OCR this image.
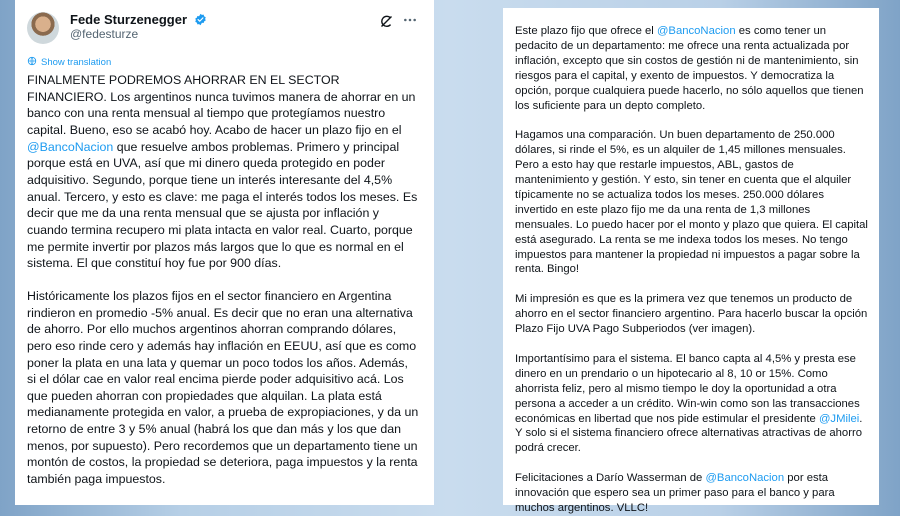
Fede Sturzenegger
@fedesturze
Show translation

FINALMENTE PODREMOS AHORRAR EN EL SECTOR FINANCIERO. Los argentinos nunca tuvimos manera de ahorrar en un banco con una renta mensual al tiempo que protegíamos nuestro capital. Bueno, eso se acabó hoy. Acabo de hacer un plazo fijo en el @BancoNacion que resuelve ambos problemas. Primero y principal porque está en UVA, así que mi dinero queda protegido en poder adquisitivo. Segundo, porque tiene un interés interesante del 4,5% anual. Tercero, y esto es clave: me paga el interés todos los meses. Es decir que me da una renta mensual que se ajusta por inflación y cuando termina recupero mi plata intacta en valor real. Cuarto, porque me permite invertir por plazos más largos que lo que es normal en el sistema. El que constituí hoy fue por 900 días.

Históricamente los plazos fijos en el sector financiero en Argentina rindieron en promedio -5% anual. Es decir que no eran una alternativa de ahorro. Por ello muchos argentinos ahorran comprando dólares, pero eso rinde cero y además hay inflación en EEUU, así que es como poner la plata en una lata y quemar un poco todos los años. Además, si el dólar cae en valor real encima pierde poder adquisitivo acá. Los que pueden ahorran con propiedades que alquilan. La plata está medianamente protegida en valor, a prueba de expropiaciones, y da un retorno de entre 3 y 5% anual (habrá los que dan más y los que dan menos, por supuesto). Pero recordemos que un departamento tiene un montón de costos, la propiedad se deteriora, paga impuestos y la renta también paga impuestos.

Este plazo fijo que ofrece el @BancoNacion es como tener un pedacito de un departamento: me ofrece una renta actualizada por inflación, excepto que sin costos de gestión ni de mantenimiento, sin riesgos para el capital, y exento de impuestos. Y democratiza la opción, porque cualquiera puede hacerlo, no sólo aquellos que tienen los suficiente para un depto completo.

Hagamos una comparación. Un buen departamento de 250.000 dólares, si rinde el 5%, es un alquiler de 1,45 millones mensuales. Pero a esto hay que restarle impuestos, ABL, gastos de mantenimiento y gestión. Y esto, sin tener en cuenta que el alquiler típicamente no se actualiza todos los meses. 250.000 dólares invertido en este plazo fijo me da una renta de 1,3 millones mensuales. Lo puedo hacer por el monto y plazo que quiera. El capital está asegurado. La renta se me indexa todos los meses. No tengo impuestos para mantener la propiedad ni impuestos a pagar sobre la renta. Bingo!

Mi impresión es que es la primera vez que tenemos un producto de ahorro en el sector financiero argentino. Para hacerlo buscar la opción Plazo Fijo UVA Pago Subperiodos (ver imagen).

Importantísimo para el sistema. El banco capta al 4,5% y presta ese dinero en un prendario o un hipotecario al 8, 10 or 15%. Como ahorrista feliz, pero al mismo tiempo le doy la oportunidad a otra persona a acceder a un crédito. Win-win como son las transacciones económicas en libertad que nos pide estimular el presidente @JMilei. Y solo si el sistema financiero ofrece alternativas atractivas de ahorro podrá crecer.

Felicitaciones a Darío Wasserman de @BancoNacion por esta innovación que espero sea un primer paso para el banco y para muchos argentinos. VLLC!
